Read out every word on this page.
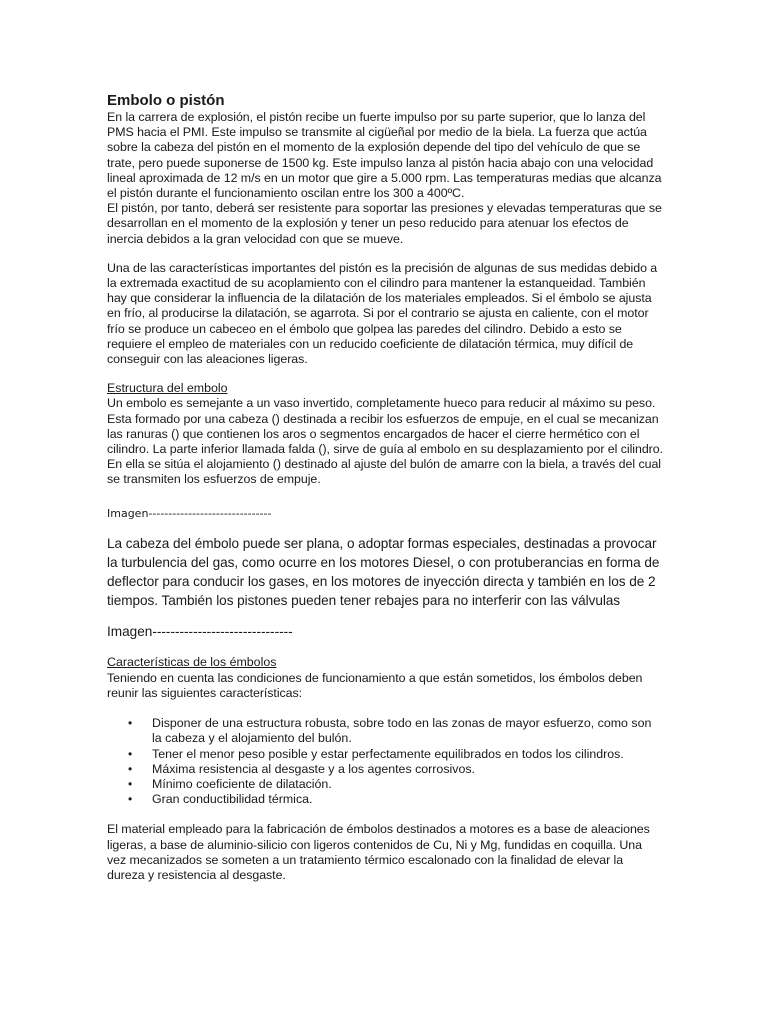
Embolo o pistón

En la carrera de explosión, el pistón recibe un fuerte impulso por su parte superior, que lo lanza del PMS hacia el PMI. Este impulso se transmite al cigüeñal por medio de la biela. La fuerza que actúa sobre la cabeza del pistón en el momento de la explosión depende del tipo del vehículo de que se trate, pero puede suponerse de 1500 kg. Este impulso lanza al pistón hacia abajo con una velocidad lineal aproximada de 12 m/s en un motor que gire a 5.000 rpm. Las temperaturas medias que alcanza el pistón durante el funcionamiento oscilan entre los 300 a 400ºC.

El pistón, por tanto, deberá ser resistente para soportar las presiones y elevadas temperaturas que se desarrollan en el momento de la explosión y tener un peso reducido para atenuar los efectos de inercia debidos a la gran velocidad con que se mueve.

Una de las características importantes del pistón es la precisión de algunas de sus medidas debido a la extremada exactitud de su acoplamiento con el cilindro para mantener la estanqueidad. También hay que considerar la influencia de la dilatación de los materiales empleados. Si el émbolo se ajusta en frío, al producirse la dilatación, se agarrota. Si por el contrario se ajusta en caliente, con el motor frío se produce un cabeceo en el émbolo que golpea las paredes del cilindro. Debido a esto se requiere el empleo de materiales con un reducido coeficiente de dilatación térmica, muy difícil de conseguir con las aleaciones ligeras.

Estructura del embolo

Un embolo es semejante a un vaso invertido, completamente hueco para reducir al máximo su peso. Esta formado por una cabeza () destinada a recibir los esfuerzos de empuje, en el cual se mecanizan las ranuras () que contienen los aros o segmentos encargados de hacer el cierre hermético con el cilindro. La parte inferior llamada falda (), sirve de guía al embolo en su desplazamiento por el cilindro. En ella se sitúa el alojamiento () destinado al ajuste del bulón de amarre con la biela, a través del cual se transmiten los esfuerzos de empuje.

Imagen-------------------------------

La cabeza del émbolo puede ser plana, o adoptar formas especiales, destinadas a provocar la turbulencia del gas, como ocurre en los motores Diesel, o con protuberancias en forma de deflector para conducir los gases, en los motores de inyección directa y también en los de 2 tiempos. También los pistones pueden tener rebajes para no interferir con las válvulas

Imagen-------------------------------

Características de los émbolos

Teniendo en cuenta las condiciones de funcionamiento a que están sometidos, los émbolos deben reunir las siguientes características:

• Disponer de una estructura robusta, sobre todo en las zonas de mayor esfuerzo, como son la cabeza y el alojamiento del bulón.
• Tener el menor peso posible y estar perfectamente equilibrados en todos los cilindros.
• Máxima resistencia al desgaste y a los agentes corrosivos.
• Mínimo coeficiente de dilatación.
• Gran conductibilidad térmica.

El material empleado para la fabricación de émbolos destinados a motores es a base de aleaciones ligeras, a base de aluminio-silicio con ligeros contenidos de Cu, Ni y Mg, fundidas en coquilla. Una vez mecanizados se someten a un tratamiento térmico escalonado con la finalidad de elevar la dureza y resistencia al desgaste.
